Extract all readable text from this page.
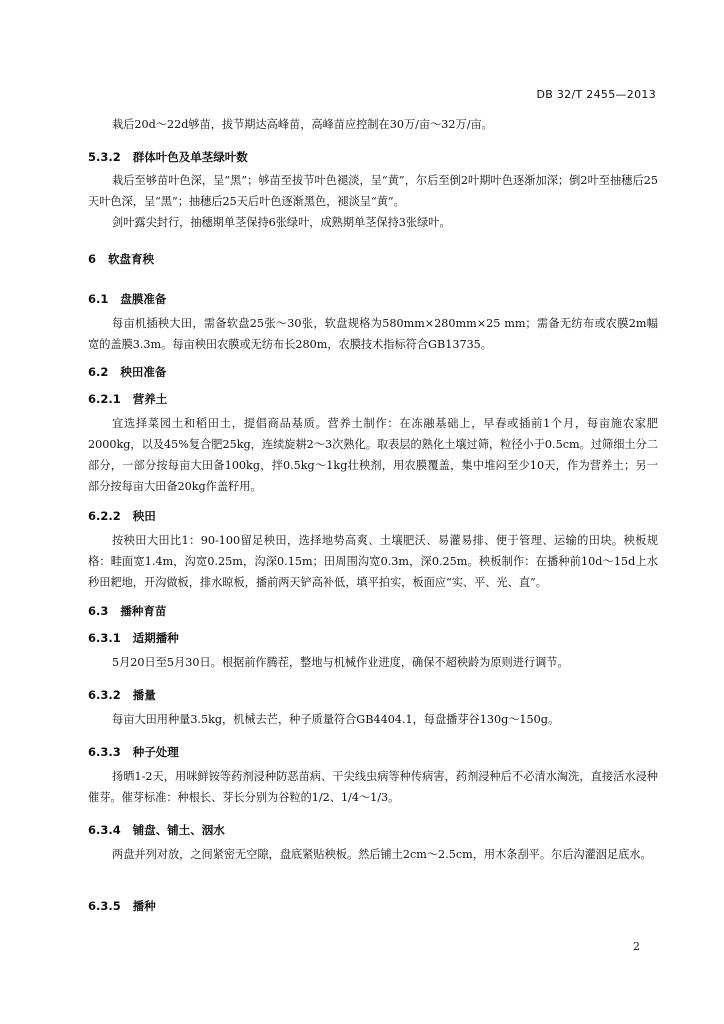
DB 32/T 2455—2013

栽后20d～22d够苗，拔节期达高峰苗，高峰苗应控制在30万/亩～32万/亩。

5.3.2 群体叶色及单茎绿叶数

栽后至够苗叶色深，呈“黑”；够苗至拔节叶色褪淡，呈“黄”，尔后至倒2叶期叶色逐渐加深；倒2叶至抽穗后25天叶色深，呈“黑”；抽穗后25天后叶色逐渐黑色，褪淡呈“黄”。

剑叶露尖封行，抽穗期单茎保持6张绿叶，成熟期单茎保持3张绿叶。

6 软盘育秧
6.1 盘膜准备

每亩机插秧大田，需备软盘25张～30张，软盘规格为580mm×280mm×25 mm；需备无纺布或农膜2m幅宽的盖膜3.3m。每亩秧田农膜或无纺布长280m，农膜技术指标符合GB13735。

6.2 秧田准备
6.2.1 营养土

宜选择菜园土和稻田土，提倡商品基质。营养土制作：在冻融基础上，早春或插前1个月，每亩施农家肥2000kg，以及45%复合肥25kg，连续旋耕2～3次熟化。取表层的熟化土壤过筛，粒径小于0.5cm。过筛细土分二部分，一部分按每亩大田备100kg，拌0.5kg～1kg壮秧剂，用农膜覆盖，集中堆闷至少10天，作为营养土；另一部分按每亩大田备20kg作盖籽用。

6.2.2 秧田

按秧田大田比1：90-100留足秧田，选择地势高爽、土壤肥沃、易灌易排、便于管理、运输的田块。秧板规格：畦面宽1.4m，沟宽0.25m，沟深0.15m；田周围沟宽0.3m，深0.25m。秧板制作：在播种前10d～15d上水秒田耙地，开沟做板，排水晾板，播前两天铲高补低，填平拍实，板面应“实、平、光、直”。

6.3 播种育苗
6.3.1 适期播种

5月20日至5月30日。根据前作腾茬，整地与机械作业进度，确保不超秧龄为原则进行调节。

6.3.2 播量

每亩大田用种量3.5kg，机械去芒，种子质量符合GB4404.1，每盘播芽谷130g～150g。

6.3.3 种子处理

扬晒1-2天，用咪鲜铵等药剂浸种防恶苗病、干尖线虫病等种传病害，药剂浸种后不必清水淘洗，直接活水浸种催芽。催芽标准：种根长、芽长分别为谷粒的1/2、1/4～1/3。

6.3.4 铺盘、铺土、洇水

两盘并列对放，之间紧密无空隙，盘底紧贴秧板。然后铺土2cm～2.5cm，用木条刮平。尔后沟灌洇足底水。

6.3.5 播种
2
